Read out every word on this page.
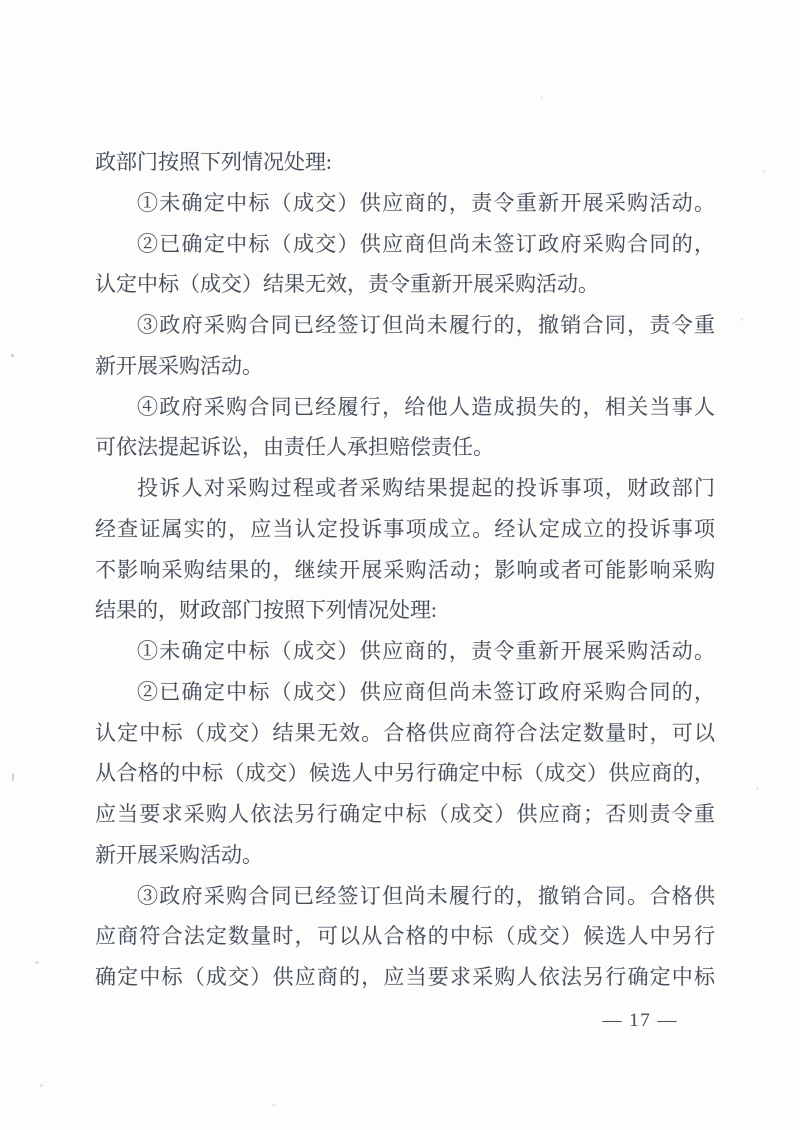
政部门按照下列情况处理:
①未确定中标（成交）供应商的，责令重新开展采购活动。
②已确定中标（成交）供应商但尚未签订政府采购合同的，
认定中标（成交）结果无效，责令重新开展采购活动。
③政府采购合同已经签订但尚未履行的，撤销合同，责令重
新开展采购活动。
④政府采购合同已经履行，给他人造成损失的，相关当事人
可依法提起诉讼，由责任人承担赔偿责任。
投诉人对采购过程或者采购结果提起的投诉事项，财政部门
经查证属实的，应当认定投诉事项成立。经认定成立的投诉事项
不影响采购结果的，继续开展采购活动；影响或者可能影响采购
结果的，财政部门按照下列情况处理:
①未确定中标（成交）供应商的，责令重新开展采购活动。
②已确定中标（成交）供应商但尚未签订政府采购合同的，
认定中标（成交）结果无效。合格供应商符合法定数量时，可以
从合格的中标（成交）候选人中另行确定中标（成交）供应商的，
应当要求采购人依法另行确定中标（成交）供应商；否则责令重
新开展采购活动。
③政府采购合同已经签订但尚未履行的，撤销合同。合格供
应商符合法定数量时，可以从合格的中标（成交）候选人中另行
确定中标（成交）供应商的，应当要求采购人依法另行确定中标
— 17 —
